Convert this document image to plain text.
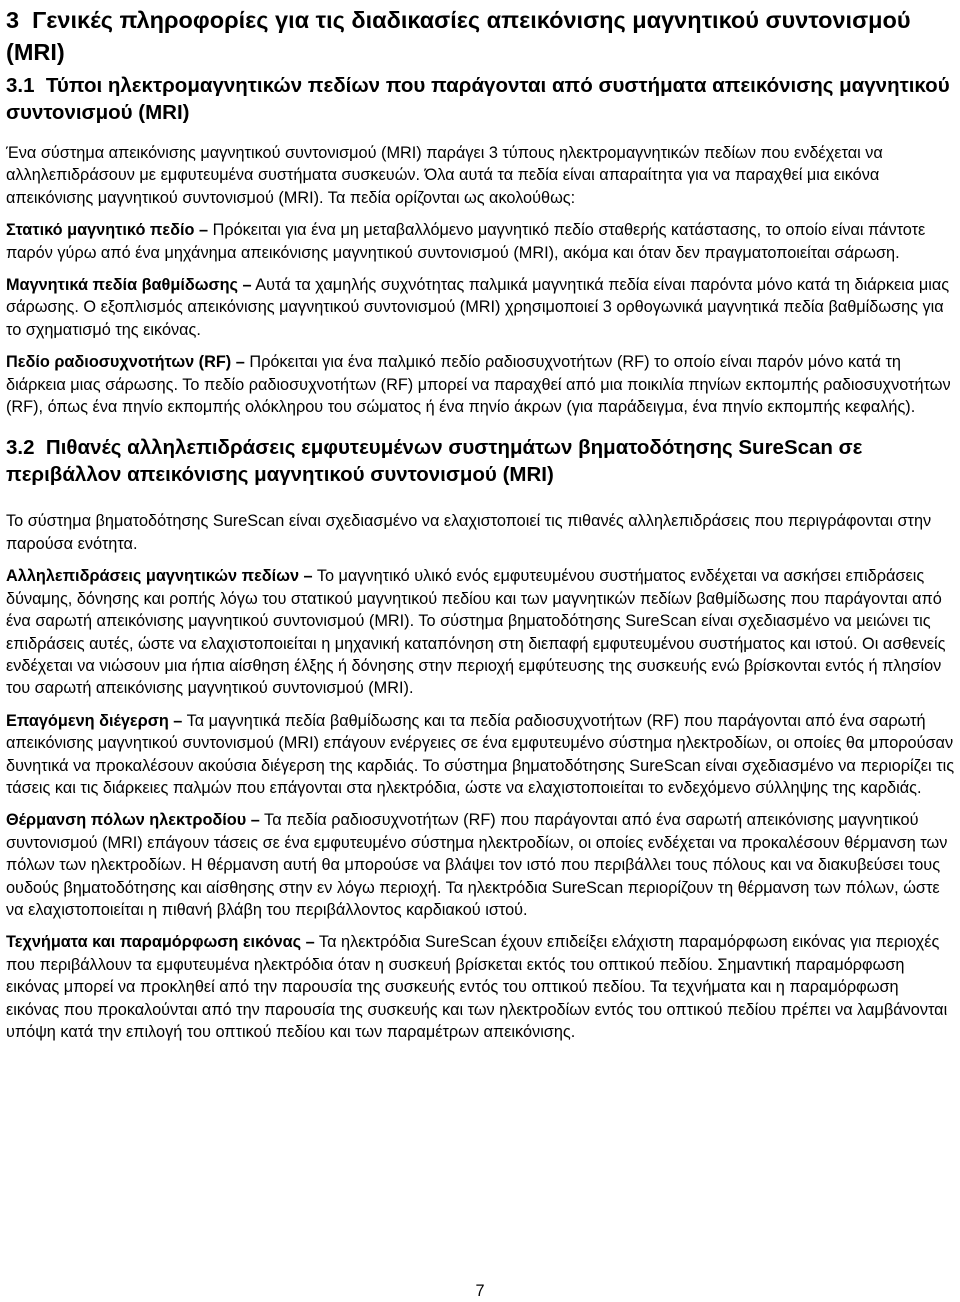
3 Γενικές πληροφορίες για τις διαδικασίες απεικόνισης μαγνητικού συντονισμού (MRI)
3.1 Τύποι ηλεκτρομαγνητικών πεδίων που παράγονται από συστήματα απεικόνισης μαγνητικού συντονισμού (MRI)

Ένα σύστημα απεικόνισης μαγνητικού συντονισμού (MRI) παράγει 3 τύπους ηλεκτρομαγνητικών πεδίων που ενδέχεται να αλληλεπιδράσουν με εμφυτευμένα συστήματα συσκευών. Όλα αυτά τα πεδία είναι απαραίτητα για να παραχθεί μια εικόνα απεικόνισης μαγνητικού συντονισμού (MRI). Τα πεδία ορίζονται ως ακολούθως:

Στατικό μαγνητικό πεδίο – Πρόκειται για ένα μη μεταβαλλόμενο μαγνητικό πεδίο σταθερής κατάστασης, το οποίο είναι πάντοτε παρόν γύρω από ένα μηχάνημα απεικόνισης μαγνητικού συντονισμού (MRI), ακόμα και όταν δεν πραγματοποιείται σάρωση.

Μαγνητικά πεδία βαθμίδωσης – Αυτά τα χαμηλής συχνότητας παλμικά μαγνητικά πεδία είναι παρόντα μόνο κατά τη διάρκεια μιας σάρωσης. Ο εξοπλισμός απεικόνισης μαγνητικού συντονισμού (MRI) χρησιμοποιεί 3 ορθογωνικά μαγνητικά πεδία βαθμίδωσης για το σχηματισμό της εικόνας.

Πεδίο ραδιοσυχνοτήτων (RF) – Πρόκειται για ένα παλμικό πεδίο ραδιοσυχνοτήτων (RF) το οποίο είναι παρόν μόνο κατά τη διάρκεια μιας σάρωσης. Το πεδίο ραδιοσυχνοτήτων (RF) μπορεί να παραχθεί από μια ποικιλία πηνίων εκπομπής ραδιοσυχνοτήτων (RF), όπως ένα πηνίο εκπομπής ολόκληρου του σώματος ή ένα πηνίο άκρων (για παράδειγμα, ένα πηνίο εκπομπής κεφαλής).

3.2 Πιθανές αλληλεπιδράσεις εμφυτευμένων συστημάτων βηματοδότησης SureScan σε περιβάλλον απεικόνισης μαγνητικού συντονισμού (MRI)

Το σύστημα βηματοδότησης SureScan είναι σχεδιασμένο να ελαχιστοποιεί τις πιθανές αλληλεπιδράσεις που περιγράφονται στην παρούσα ενότητα.

Αλληλεπιδράσεις μαγνητικών πεδίων – Το μαγνητικό υλικό ενός εμφυτευμένου συστήματος ενδέχεται να ασκήσει επιδράσεις δύναμης, δόνησης και ροπής λόγω του στατικού μαγνητικού πεδίου και των μαγνητικών πεδίων βαθμίδωσης που παράγονται από ένα σαρωτή απεικόνισης μαγνητικού συντονισμού (MRI). Το σύστημα βηματοδότησης SureScan είναι σχεδιασμένο να μειώνει τις επιδράσεις αυτές, ώστε να ελαχιστοποιείται η μηχανική καταπόνηση στη διεπαφή εμφυτευμένου συστήματος και ιστού. Οι ασθενείς ενδέχεται να νιώσουν μια ήπια αίσθηση έλξης ή δόνησης στην περιοχή εμφύτευσης της συσκευής ενώ βρίσκονται εντός ή πλησίον του σαρωτή απεικόνισης μαγνητικού συντονισμού (MRI).

Επαγόμενη διέγερση – Τα μαγνητικά πεδία βαθμίδωσης και τα πεδία ραδιοσυχνοτήτων (RF) που παράγονται από ένα σαρωτή απεικόνισης μαγνητικού συντονισμού (MRI) επάγουν ενέργειες σε ένα εμφυτευμένο σύστημα ηλεκτροδίων, οι οποίες θα μπορούσαν δυνητικά να προκαλέσουν ακούσια διέγερση της καρδιάς. Το σύστημα βηματοδότησης SureScan είναι σχεδιασμένο να περιορίζει τις τάσεις και τις διάρκειες παλμών που επάγονται στα ηλεκτρόδια, ώστε να ελαχιστοποιείται το ενδεχόμενο σύλληψης της καρδιάς.

Θέρμανση πόλων ηλεκτροδίου – Τα πεδία ραδιοσυχνοτήτων (RF) που παράγονται από ένα σαρωτή απεικόνισης μαγνητικού συντονισμού (MRI) επάγουν τάσεις σε ένα εμφυτευμένο σύστημα ηλεκτροδίων, οι οποίες ενδέχεται να προκαλέσουν θέρμανση των πόλων των ηλεκτροδίων. Η θέρμανση αυτή θα μπορούσε να βλάψει τον ιστό που περιβάλλει τους πόλους και να διακυβεύσει τους ουδούς βηματοδότησης και αίσθησης στην εν λόγω περιοχή. Τα ηλεκτρόδια SureScan περιορίζουν τη θέρμανση των πόλων, ώστε να ελαχιστοποιείται η πιθανή βλάβη του περιβάλλοντος καρδιακού ιστού.

Τεχνήματα και παραμόρφωση εικόνας – Τα ηλεκτρόδια SureScan έχουν επιδείξει ελάχιστη παραμόρφωση εικόνας για περιοχές που περιβάλλουν τα εμφυτευμένα ηλεκτρόδια όταν η συσκευή βρίσκεται εκτός του οπτικού πεδίου. Σημαντική παραμόρφωση εικόνας μπορεί να προκληθεί από την παρουσία της συσκευής εντός του οπτικού πεδίου. Τα τεχνήματα και η παραμόρφωση εικόνας που προκαλούνται από την παρουσία της συσκευής και των ηλεκτροδίων εντός του οπτικού πεδίου πρέπει να λαμβάνονται υπόψη κατά την επιλογή του οπτικού πεδίου και των παραμέτρων απεικόνισης.

7
